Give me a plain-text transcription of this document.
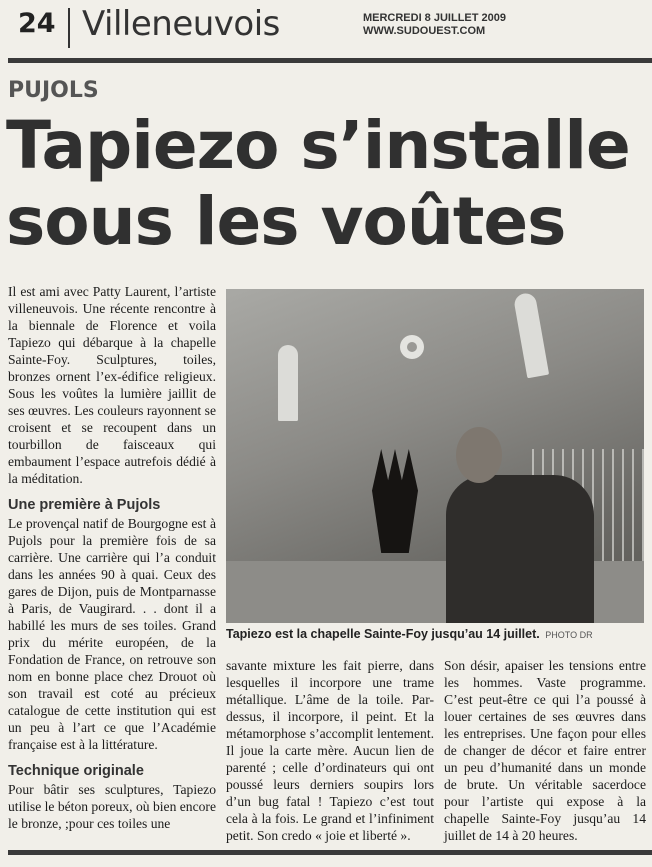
24 Villeneuvois	MERCREDI 8 JUILLET 2009
WWW.SUDOUEST.COM
PUJOLS
Tapiezo s’installe
sous les voûtes

Il est ami avec Patty Laurent, l’artiste villeneuvois. Une récente rencontre à la biennale de Florence et voila Tapiezo qui débarque à la chapelle Sainte-Foy. Sculptures, toiles, bronzes ornent l’ex-édifice religieux. Sous les voûtes la lumière jaillit de ses œuvres. Les couleurs rayonnent se croisent et se recoupent dans un tourbillon de faisceaux qui embaument l’espace autrefois dédié à la méditation.

Une première à Pujols

Le provençal natif de Bourgogne est à Pujols pour la première fois de sa carrière. Une carrière qui l’a conduit dans les années 90 à quai. Ceux des gares de Dijon, puis de Montparnasse à Paris, de Vaugirard. . . dont il a habillé les murs de ses toiles. Grand prix du mérite européen, de la Fondation de France, on retrouve son nom en bonne place chez Drouot où son travail est coté au précieux catalogue de cette institution qui est un peu à l’art ce que l’Académie française est à la littérature.

Technique originale

Pour bâtir ses sculptures, Tapiezo utilise le béton poreux, où bien encore le bronze, ;pour ces toiles une

Tapiezo est la chapelle Sainte-Foy jusqu’au 14 juillet. PHOTO DR

savante mixture les fait pierre, dans lesquelles il incorpore une trame métallique. L’âme de la toile. Par-dessus, il incorpore, il peint. Et la métamorphose s’accomplit lentement. Il joue la carte mère. Aucun lien de parenté ; celle d’ordinateurs qui ont poussé leurs derniers soupirs lors d’un bug fatal ! Tapiezo c’est tout cela à la fois. Le grand et l’infiniment petit. Son credo « joie et liberté ».

Son désir, apaiser les tensions entre les hommes. Vaste programme. C’est peut-être ce qui l’a poussé à louer certaines de ses œuvres dans les entreprises. Une façon pour elles de changer de décor et faire entrer un peu d’humanité dans un monde de brute. Un véritable sacerdoce pour l’artiste qui expose à la chapelle Sainte-Foy jusqu’au 14 juillet de 14 à 20 heures.
